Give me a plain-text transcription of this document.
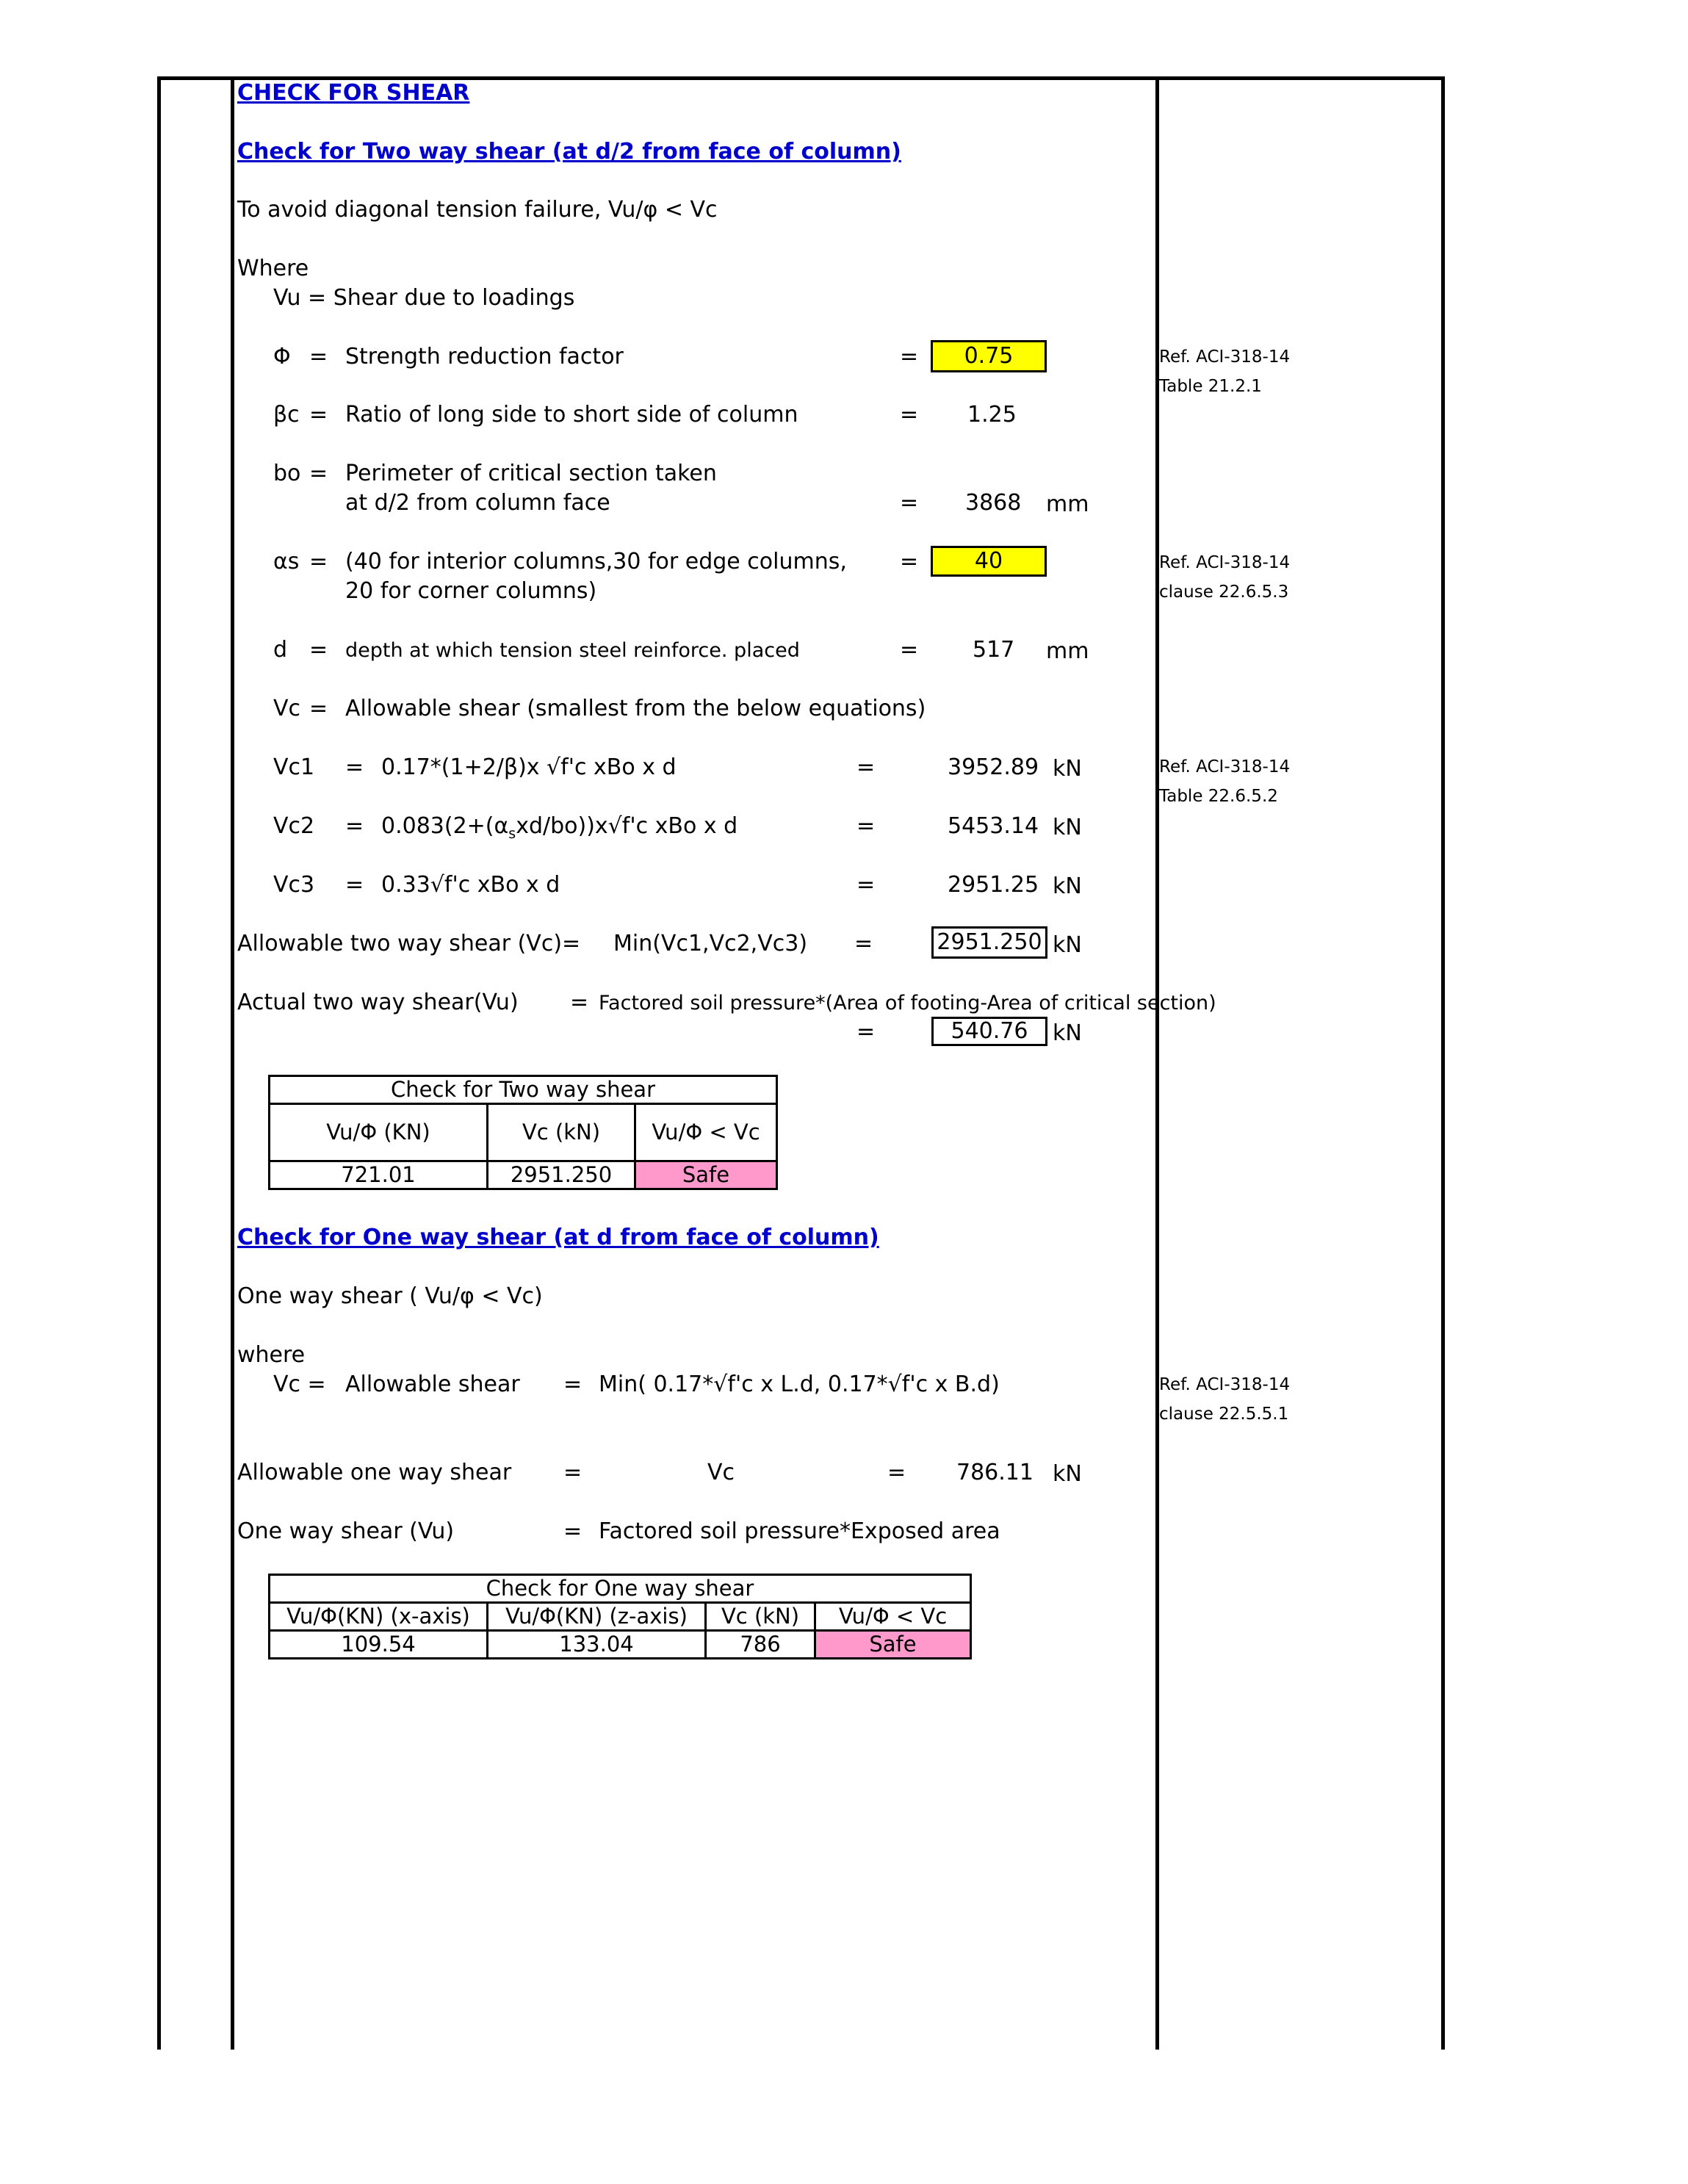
CHECK FOR SHEAR
Check for Two way shear (at d/2 from face of column)
To avoid diagonal tension failure, Vu/φ < Vc
Where
Vu = Shear due to loadings
Φ = Strength reduction factor	=	0.75	Ref. ACI-318-14
Table 21.2.1
βc = Ratio of long side to short side of column	= 1.25
bo = Perimeter of critical section taken
at d/2 from column face	= 3868 mm
αs = (40 for interior columns,30 for edge columns,
20 for corner columns)
=	40	Ref. ACI-318-14
clause 22.6.5.3
d = depth at which tension steel reinforce. placed	= 517 mm
Vc = Allowable shear (smallest from the below equations)
Vc1 = 0.17*(1+2/β)x √f'c xBo x d	=	3952.89 kN	Ref. ACI-318-14
Table 22.6.5.2
$Vc2 = 0.083(2+(\alpha_sxd/bo))x√f'c$ xBo x d	=	5453.14 kN
Vc3 = 0.33√f'c xBo x d	=	2951.25 kN
Allowable two way shear (Vc)= Min(Vc1,Vc2,Vc3) =	2951.250 kN
Actual two way shear(Vu) = Factored soil pressure*(Area of footing-Area of critical section)
=	540.76	kN
Check for Two way shear		
Vu/Φ (KN)	Vc (kN)	Vu/Φ < Vc
721.01	2951.250	Safe
Check for One way shear (at d from face of column)
One way shear ( Vu/φ < Vc)
where
Vc = Allowable shear = Min( 0.17*√f'c x L.d, 0.17*√f'c x B.d)	Ref. ACI-318-14
clause 22.5.5.1
Allowable one way shear =	Vc	= 786.11 kN
One way shear (Vu)	= Factored soil pressure*Exposed area
Check for One way shear			
Vu/Φ(KN) (x-axis)	Vu/Φ(KN) (z-axis)	Vc (kN)	Vu/Φ < Vc
109.54	133.04	786	Safe
